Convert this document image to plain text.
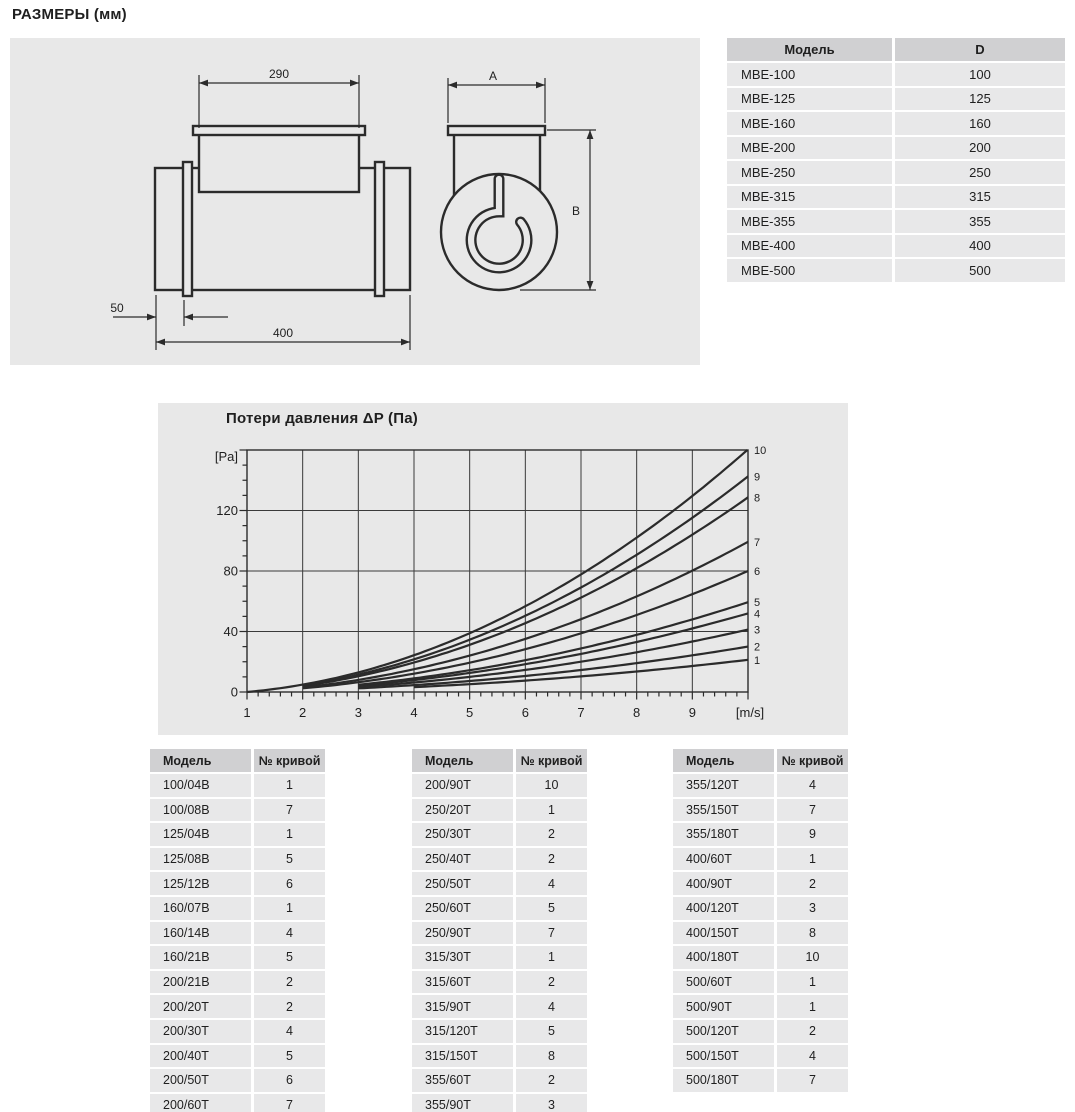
РАЗМЕРЫ (мм)
290
50
400
A
B
Модель	D
МВЕ-100	100
МВЕ-125	125
МВЕ-160	160
МВЕ-200	200
МВЕ-250	250
МВЕ-315	315
МВЕ-355	355
МВЕ-400	400
МВЕ-500	500
Потери давления ΔP (Па)
0
40
80
120
[Pa]
1	2	3	4	5	6	7	8	9	[m/s]
1
2
3
4
5
6
7
8
9
10
Модель	№ кривой
100/04В	1
100/08В	7
125/04В	1
125/08В	5
125/12В	6
160/07В	1
160/14В	4
160/21В	5
200/21В	2
200/20Т	2
200/30Т	4
200/40Т	5
200/50Т	6
200/60Т	7
Модель	№ кривой
200/90Т	10
250/20Т	1
250/30Т	2
250/40Т	2
250/50Т	4
250/60Т	5
250/90Т	7
315/30Т	1
315/60Т	2
315/90Т	4
315/120Т	5
315/150Т	8
355/60Т	2
355/90Т	3
Модель	№ кривой
355/120Т	4
355/150Т	7
355/180Т	9
400/60Т	1
400/90Т	2
400/120Т	3
400/150Т	8
400/180Т	10
500/60Т	1
500/90Т	1
500/120Т	2
500/150Т	4
500/180Т	7
